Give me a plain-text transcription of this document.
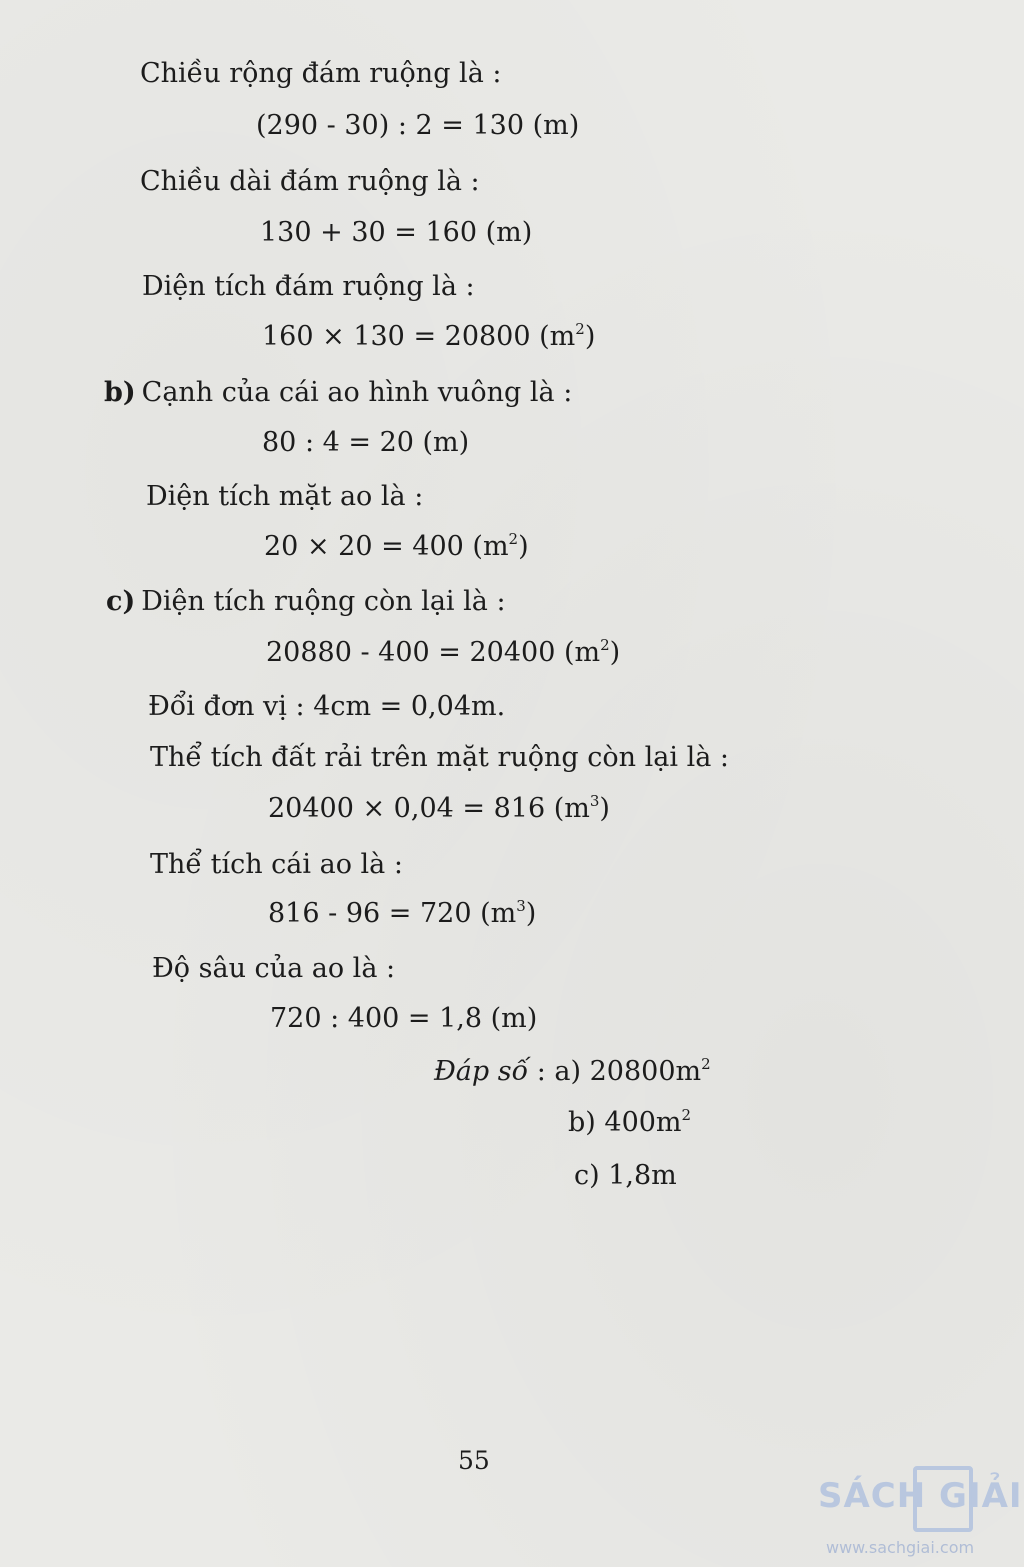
Chiều rộng đám ruộng là :
(290 - 30) : 2 = 130 (m)
Chiều dài đám ruộng là :
130 + 30 = 160 (m)
Diện tích đám ruộng là :
160 × 130 = 20800 $(m^2)$
b) Cạnh của cái ao hình vuông là :
80 : 4 = 20 (m)
Diện tích mặt ao là :
20 × 20 = 400 $(m^2)$
c) Diện tích ruộng còn lại là :
20880 - 400 = 20400 $(m^2)$
Đổi đơn vị : 4cm = 0,04m.
Thể tích đất rải trên mặt ruộng còn lại là :
20400 × 0,04 = 816 $(m^3)$
Thể tích cái ao là :
816 - 96 = 720 $(m^3)$
Độ sâu của ao là :
720 : 400 = 1,8 (m)
Đáp số : a) $20800m^2$
b) $400m^2$
c) 1,8m
55
SÁCH GIẢI
www.sachgiai.com
